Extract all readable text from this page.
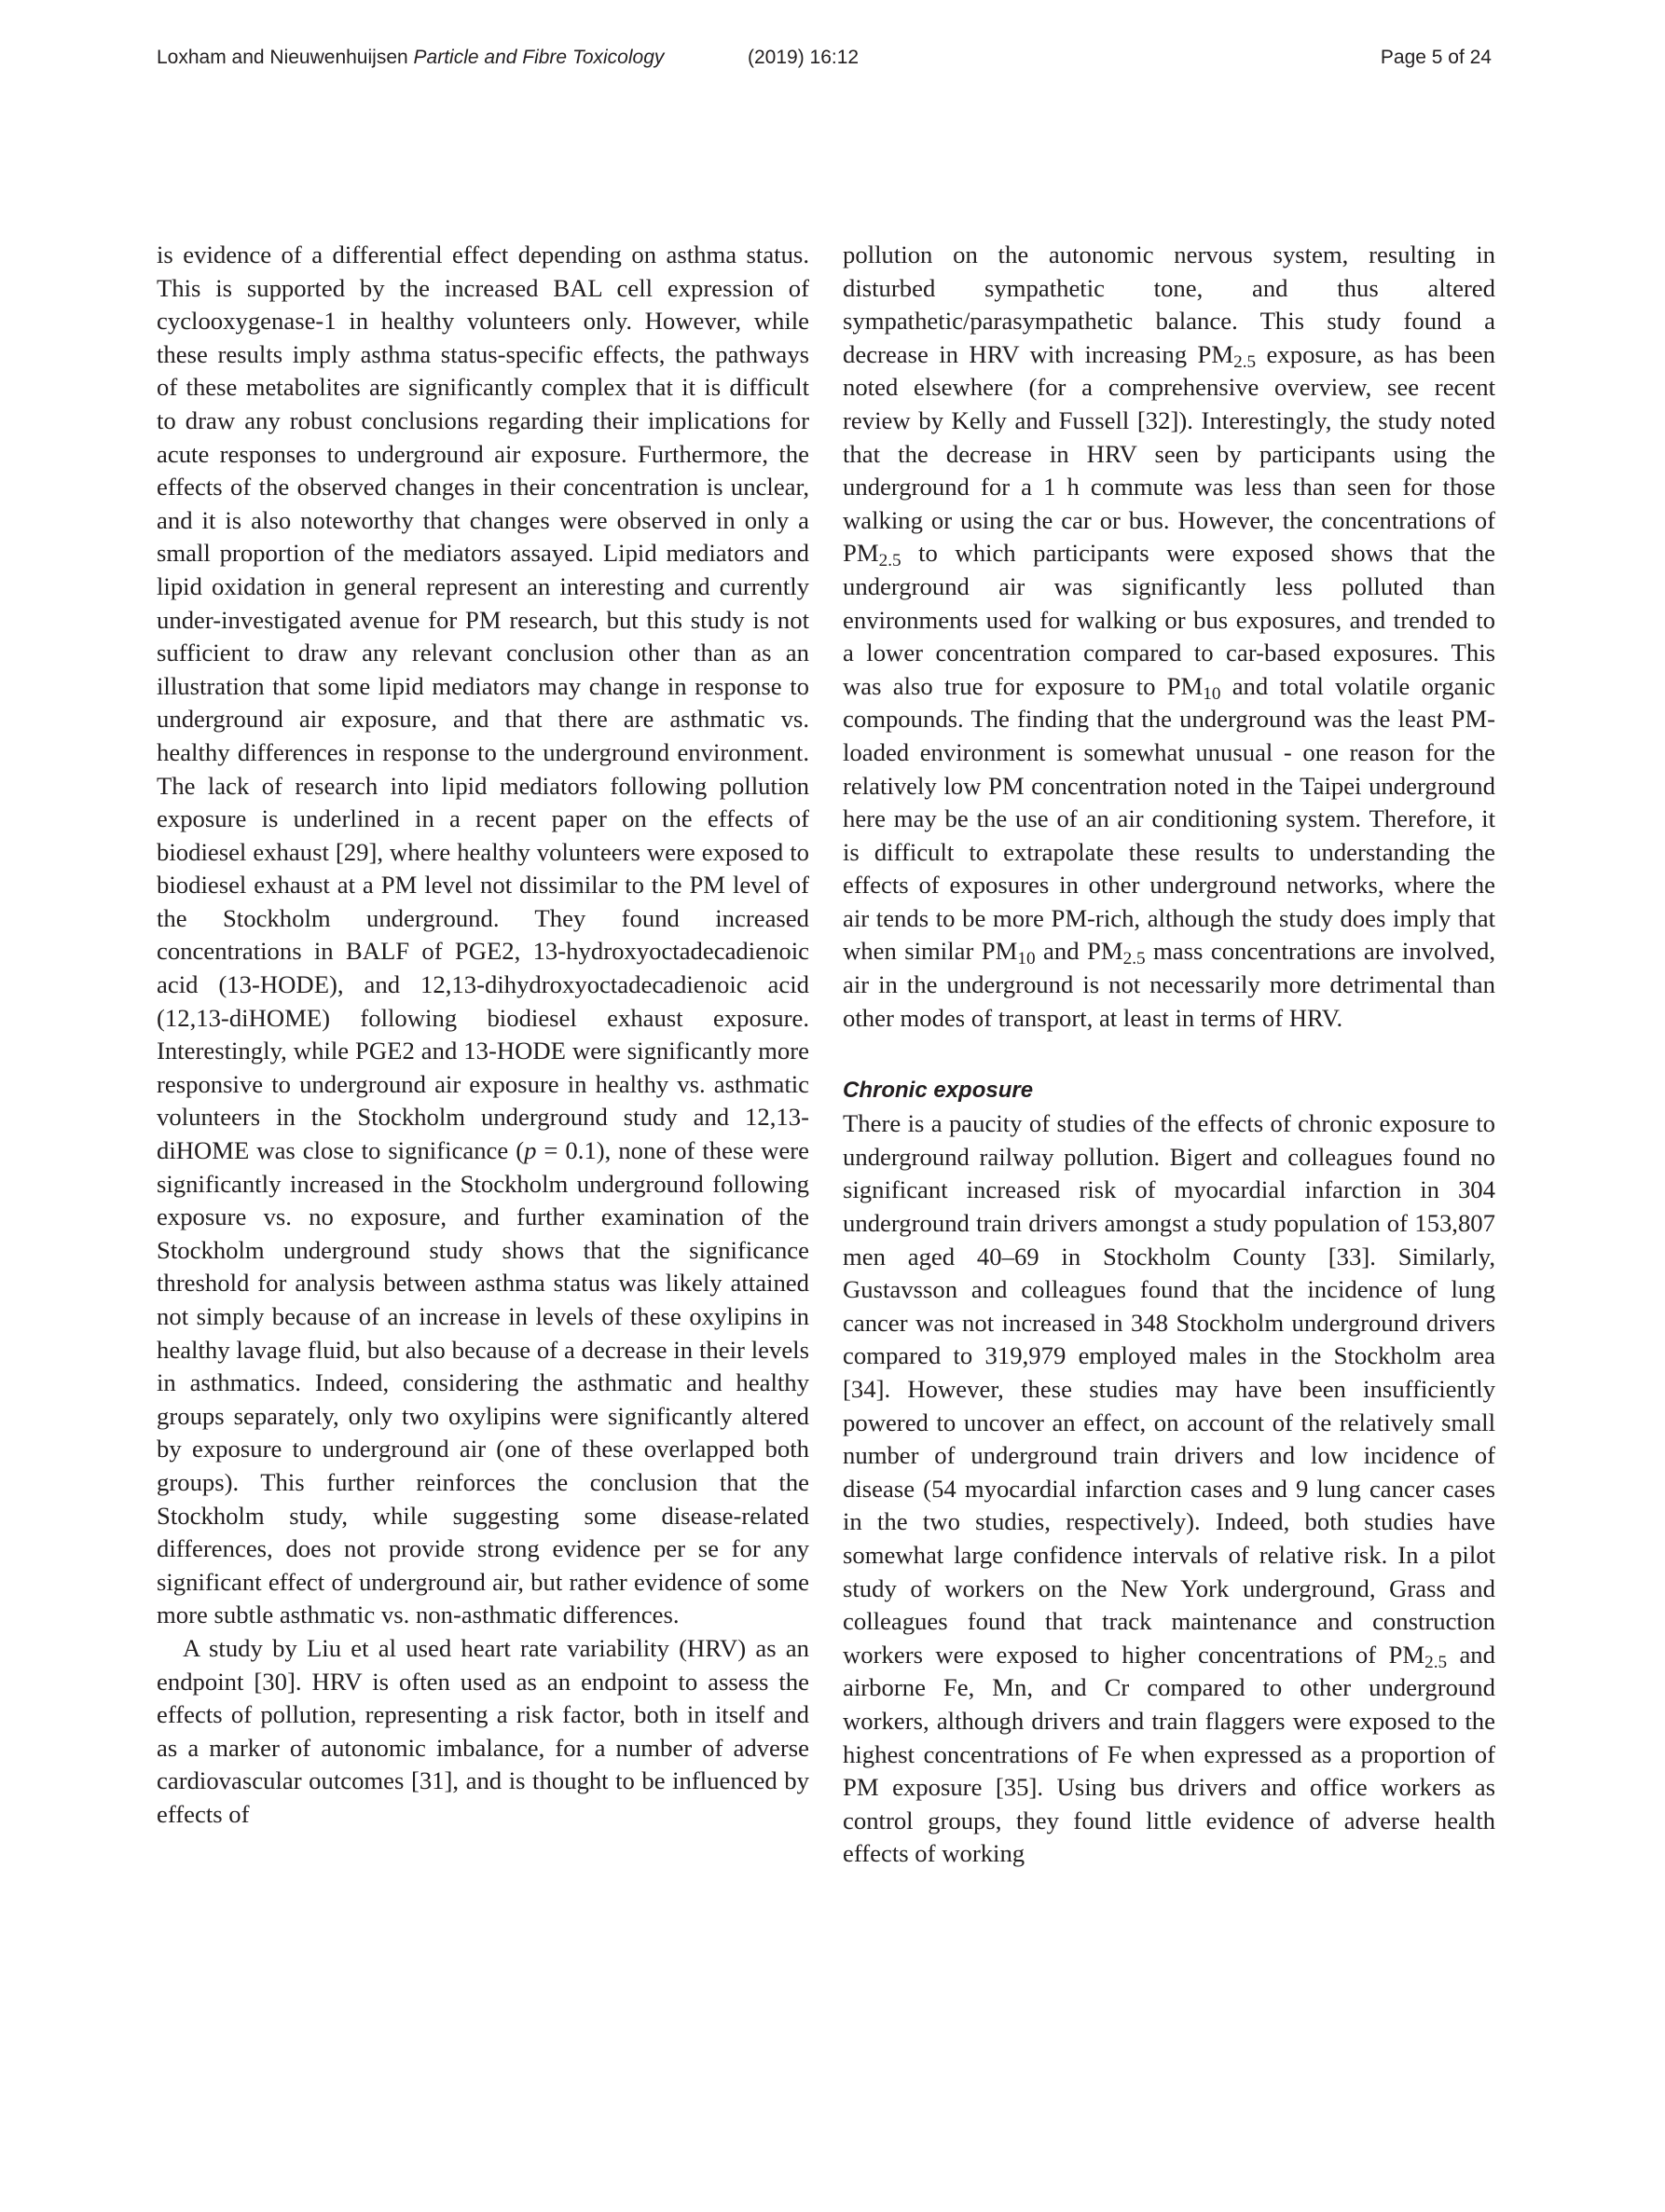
Loxham and Nieuwenhuijsen Particle and Fibre Toxicology	(2019) 16:12	Page 5 of 24

is evidence of a differential effect depending on asthma status. This is supported by the increased BAL cell expression of cyclooxygenase-1 in healthy volunteers only. However, while these results imply asthma status-specific effects, the pathways of these metabolites are significantly complex that it is difficult to draw any robust conclusions regarding their implications for acute responses to underground air exposure. Furthermore, the effects of the observed changes in their concentration is unclear, and it is also noteworthy that changes were observed in only a small proportion of the mediators assayed. Lipid mediators and lipid oxidation in general represent an interesting and currently under-investigated avenue for PM research, but this study is not sufficient to draw any relevant conclusion other than as an illustration that some lipid mediators may change in response to underground air exposure, and that there are asthmatic vs. healthy differences in response to the underground environment. The lack of research into lipid mediators following pollution exposure is underlined in a recent paper on the effects of biodiesel exhaust [29], where healthy volunteers were exposed to biodiesel exhaust at a PM level not dissimilar to the PM level of the Stockholm underground. They found increased concentrations in BALF of PGE2, 13-hydroxyoctadecadienoic acid (13-HODE), and 12,13-dihydroxyoctadecadienoic acid (12,13-diHOME) following biodiesel exhaust exposure. Interestingly, while PGE2 and 13-HODE were significantly more responsive to underground air exposure in healthy vs. asthmatic volunteers in the Stockholm underground study and 12,13-diHOME was close to significance (p = 0.1), none of these were significantly increased in the Stockholm underground following exposure vs. no exposure, and further examination of the Stockholm underground study shows that the significance threshold for analysis between asthma status was likely attained not simply because of an increase in levels of these oxylipins in healthy lavage fluid, but also because of a decrease in their levels in asthmatics. Indeed, considering the asthmatic and healthy groups separately, only two oxylipins were significantly altered by exposure to underground air (one of these overlapped both groups). This further reinforces the conclusion that the Stockholm study, while suggesting some disease-related differences, does not provide strong evidence per se for any significant effect of underground air, but rather evidence of some more subtle asthmatic vs. non-asthmatic differences.

A study by Liu et al used heart rate variability (HRV) as an endpoint [30]. HRV is often used as an endpoint to assess the effects of pollution, representing a risk factor, both in itself and as a marker of autonomic imbalance, for a number of adverse cardiovascular outcomes [31], and is thought to be influenced by effects of

pollution on the autonomic nervous system, resulting in disturbed sympathetic tone, and thus altered sympathetic/parasympathetic balance. This study found a decrease in HRV with increasing $PM_{2.5}$ exposure, as has been noted elsewhere (for a comprehensive overview, see recent review by Kelly and Fussell [32]). Interestingly, the study noted that the decrease in HRV seen by participants using the underground for a 1 h commute was less than seen for those walking or using the car or bus. However, the concentrations of $PM_{2.5}$ to which participants were exposed shows that the underground air was significantly less polluted than environments used for walking or bus exposures, and trended to a lower concentration compared to car-based exposures. This was also true for exposure to $PM_{10}$ and total volatile organic compounds. The finding that the underground was the least PM-loaded environment is somewhat unusual - one reason for the relatively low PM concentration noted in the Taipei underground here may be the use of an air conditioning system. Therefore, it is difficult to extrapolate these results to understanding the effects of exposures in other underground networks, where the air tends to be more PM-rich, although the study does imply that when similar $PM_{10}$ and $PM_{2.5}$ mass concentrations are involved, air in the underground is not necessarily more detrimental than other modes of transport, at least in terms of HRV.

Chronic exposure

There is a paucity of studies of the effects of chronic exposure to underground railway pollution. Bigert and colleagues found no significant increased risk of myocardial infarction in 304 underground train drivers amongst a study population of 153,807 men aged 40–69 in Stockholm County [33]. Similarly, Gustavsson and colleagues found that the incidence of lung cancer was not increased in 348 Stockholm underground drivers compared to 319,979 employed males in the Stockholm area [34]. However, these studies may have been insufficiently powered to uncover an effect, on account of the relatively small number of underground train drivers and low incidence of disease (54 myocardial infarction cases and 9 lung cancer cases in the two studies, respectively). Indeed, both studies have somewhat large confidence intervals of relative risk. In a pilot study of workers on the New York underground, Grass and colleagues found that track maintenance and construction workers were exposed to higher concentrations of $PM_{2.5}$ and airborne Fe, Mn, and Cr compared to other underground workers, although drivers and train flaggers were exposed to the highest concentrations of Fe when expressed as a proportion of PM exposure [35]. Using bus drivers and office workers as control groups, they found little evidence of adverse health effects of working
